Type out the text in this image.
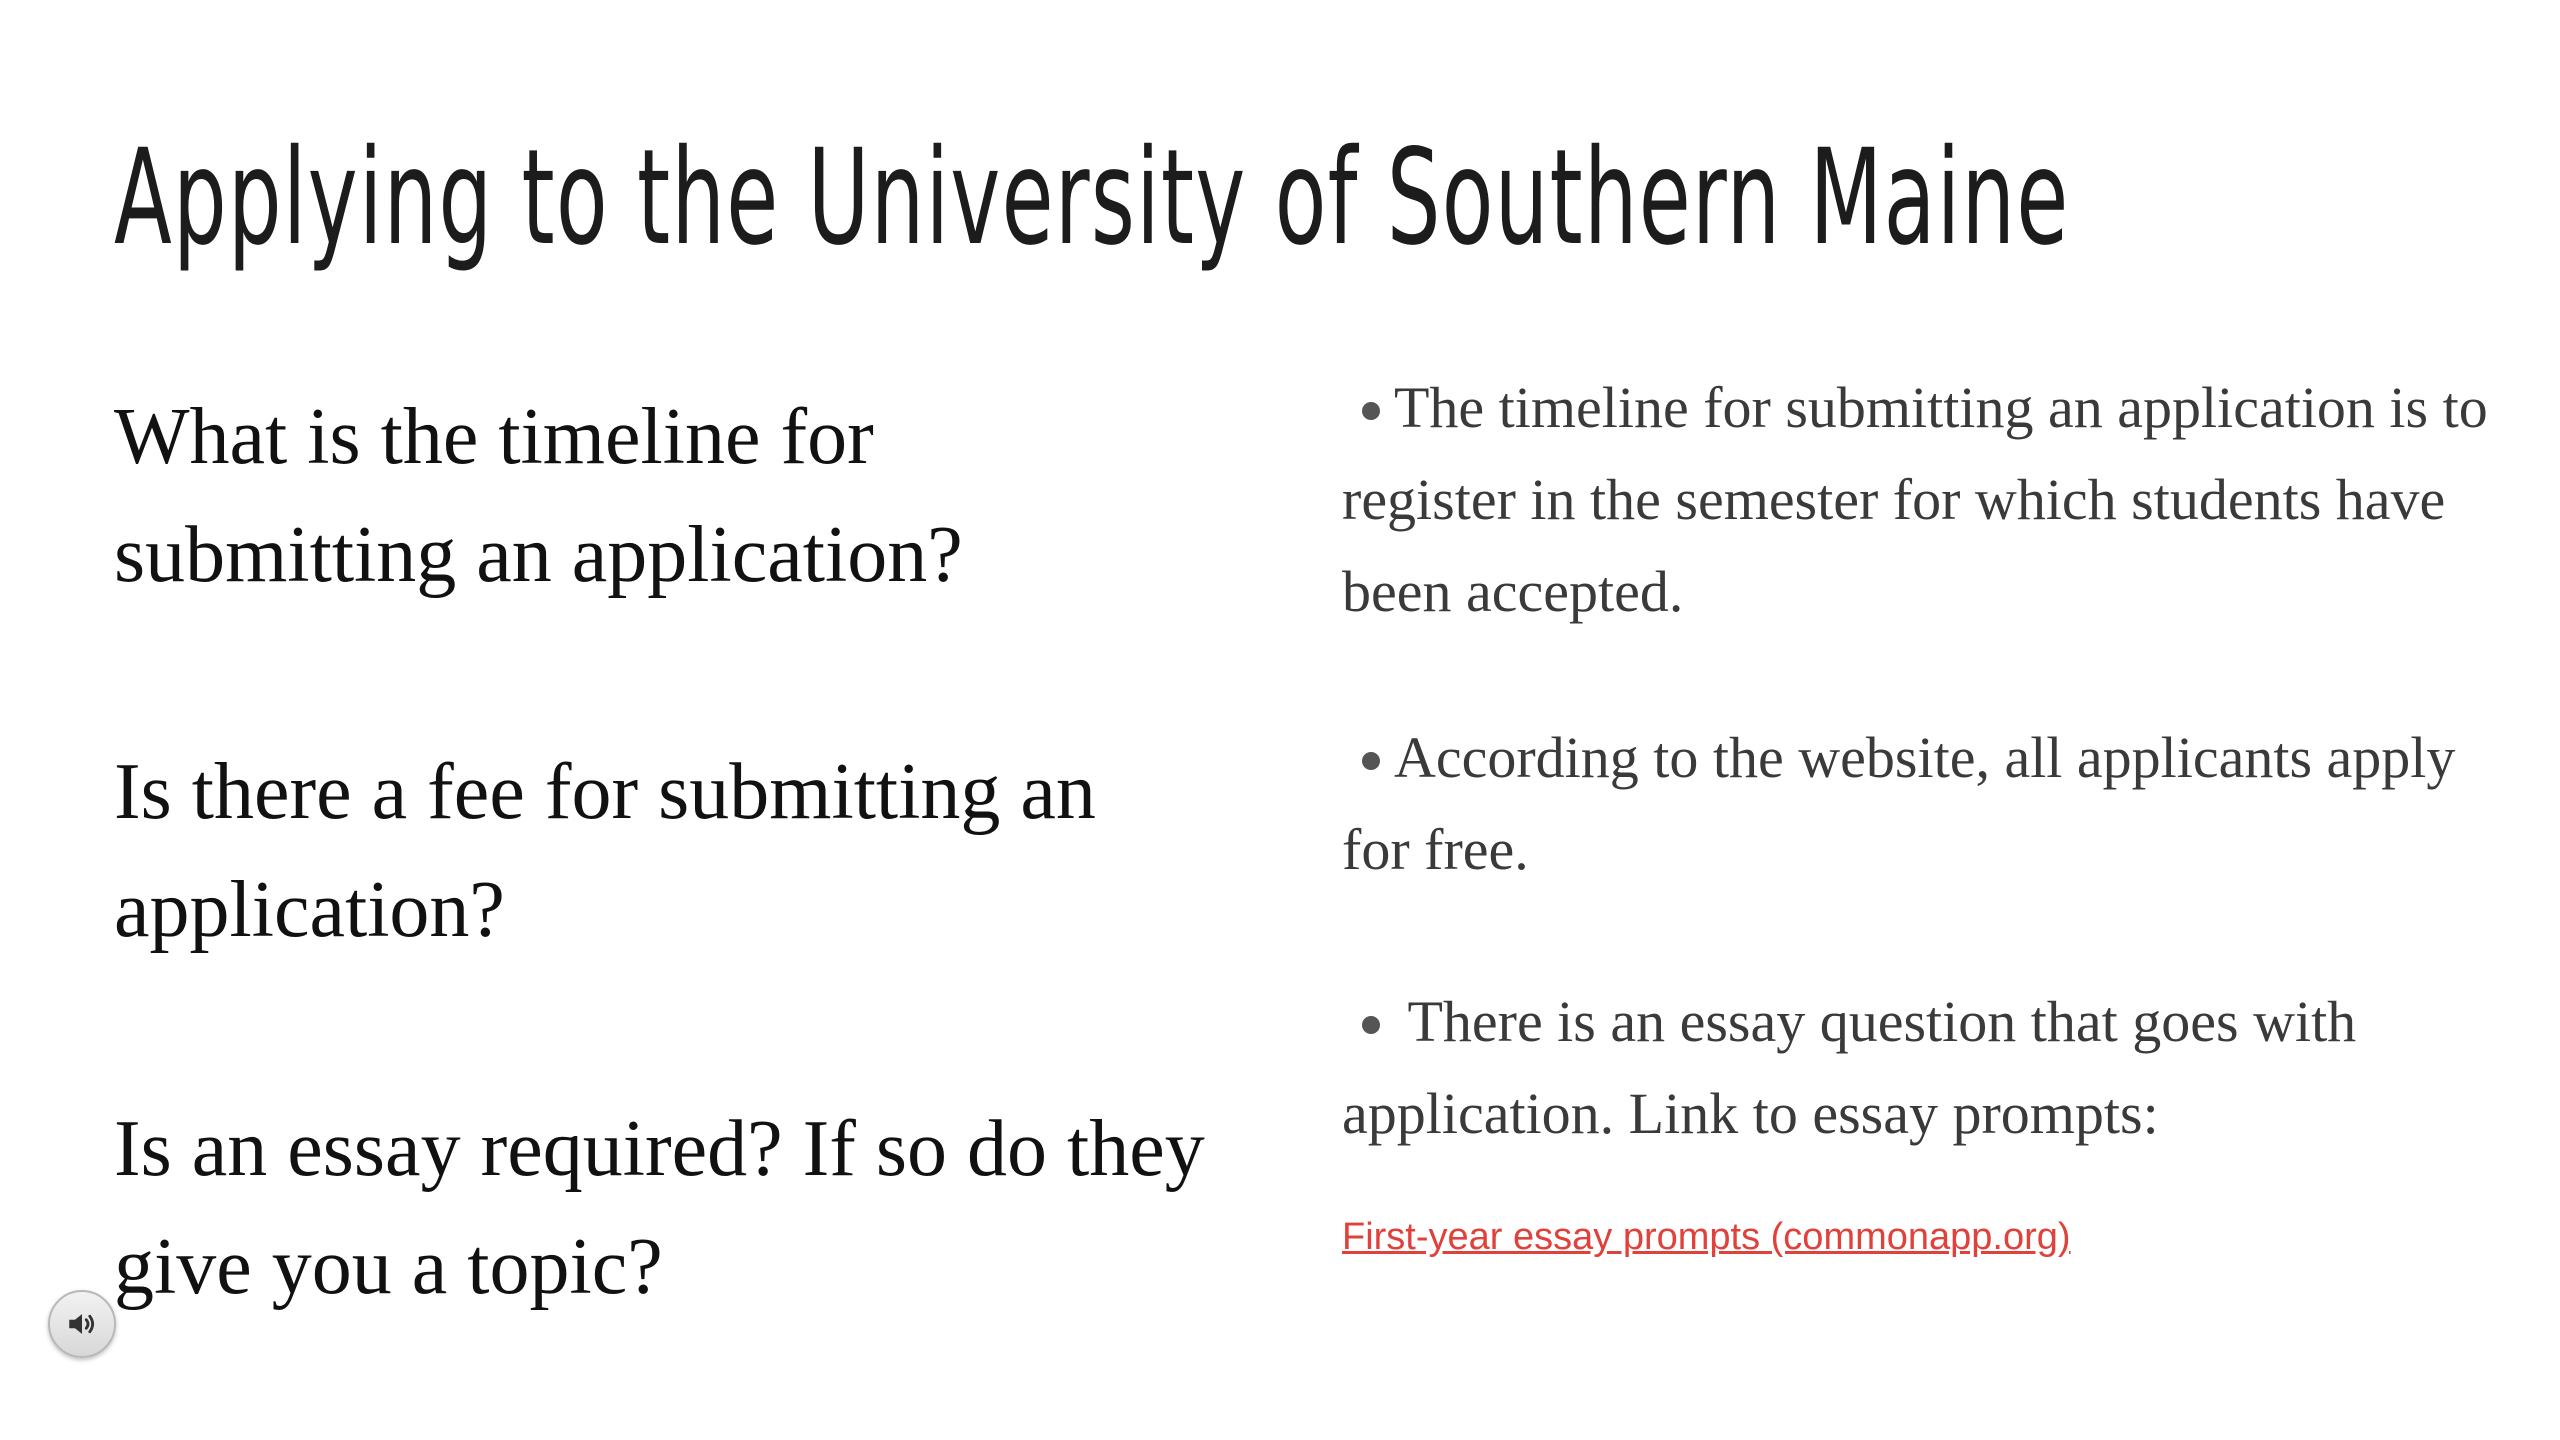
Applying to the University of Southern Maine

What is the timeline for submitting an application?

Is there a fee for submitting an application?

Is an essay required? If so do they give you a topic?

The timeline for submitting an application is to register in the semester for which students have been accepted.

According to the website, all applicants apply for free.

There is an essay question that goes with application. Link to essay prompts:

First-year essay prompts (commonapp.org)
